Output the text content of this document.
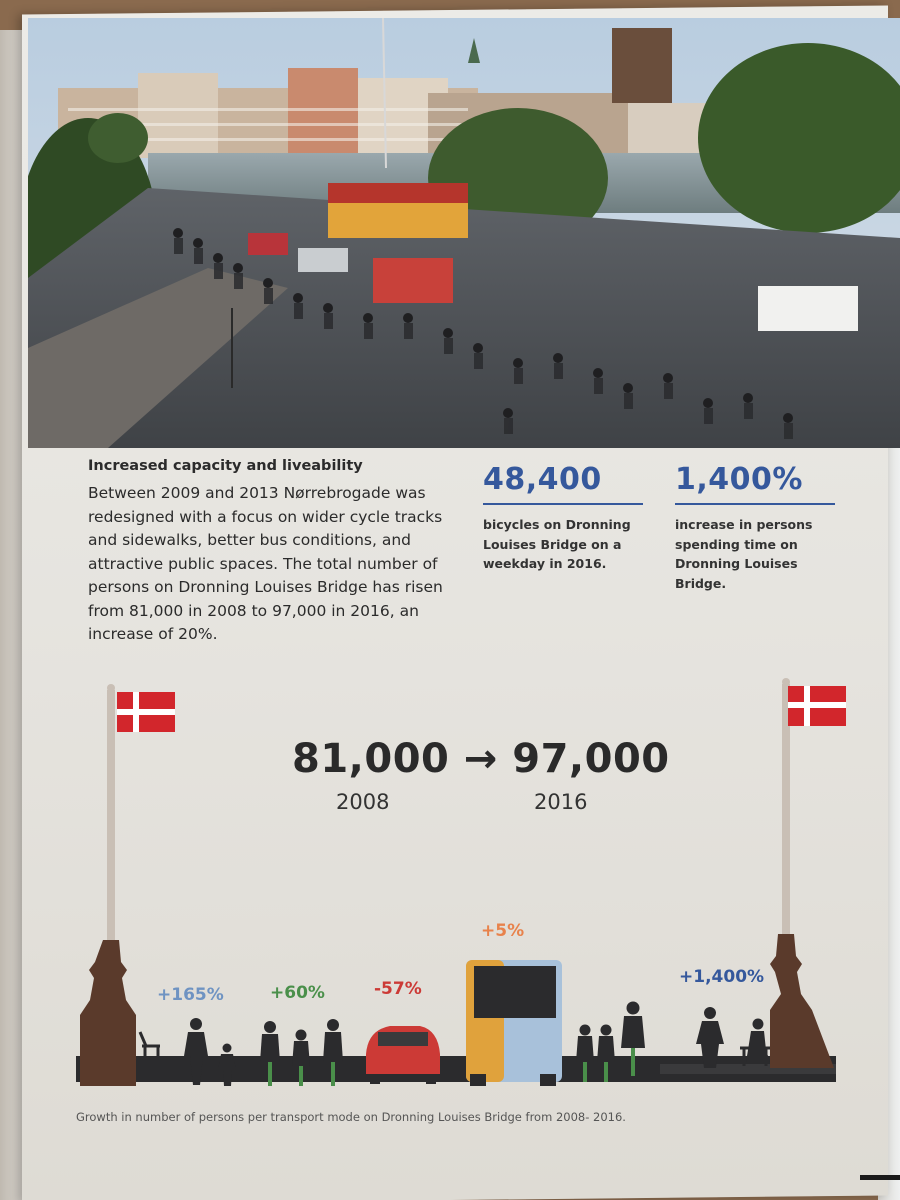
Increased capacity and liveability
Between 2009 and 2013 Nørrebrogade was redesigned with a focus on wider cycle tracks and sidewalks, better bus conditions, and attractive public spaces. The total number of persons on Dronning Louises Bridge has risen from 81,000 in 2008 to 97,000 in 2016, an increase of 20%.
48,400
bicycles on Dronning Louises Bridge on a weekday in 2016.
1,400%
increase in persons spending time on Dronning Louises Bridge.
81,000 → 97,000
2008	2016
+165%	+60%	-57%
+5%
+1,400%
Growth in number of persons per transport mode on Dronning Louises Bridge from 2008- 2016.
